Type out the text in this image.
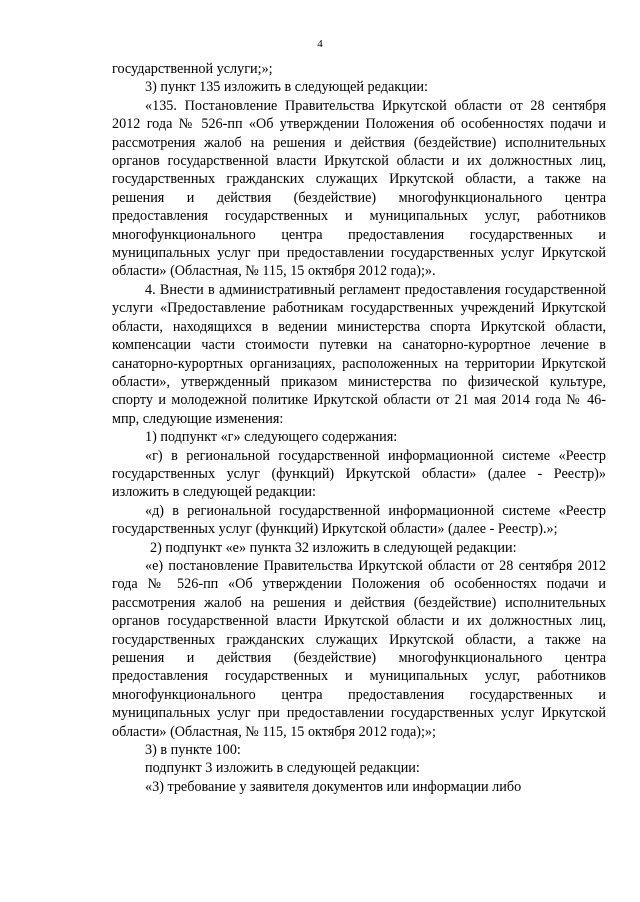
4

государственной услуги;»;

3) пункт 135 изложить в следующей редакции:

«135. Постановление Правительства Иркутской области от 28 сентября 2012 года № 526-пп «Об утверждении Положения об особенностях подачи и рассмотрения жалоб на решения и действия (бездействие) исполнительных органов государственной власти Иркутской области и их должностных лиц, государственных гражданских служащих Иркутской области, а также на решения и действия (бездействие) многофункционального центра предоставления государственных и муниципальных услуг, работников многофункционального центра предоставления государственных и муниципальных услуг при предоставлении государственных услуг Иркутской области» (Областная, № 115, 15 октября 2012 года);».

4. Внести в административный регламент предоставления государственной услуги «Предоставление работникам государственных учреждений Иркутской области, находящихся в ведении министерства спорта Иркутской области, компенсации части стоимости путевки на санаторно-курортное лечение в санаторно-курортных организациях, расположенных на территории Иркутской области», утвержденный приказом министерства по физической культуре, спорту и молодежной политике Иркутской области от 21 мая 2014 года № 46-мпр, следующие изменения:

1) подпункт «г» следующего содержания:

«г) в региональной государственной информационной системе «Реестр государственных услуг (функций) Иркутской области» (далее - Реестр)» изложить в следующей редакции:

«д) в региональной государственной информационной системе «Реестр государственных услуг (функций) Иркутской области» (далее - Реестр).»;

2) подпункт «е» пункта 32 изложить в следующей редакции:

«е) постановление Правительства Иркутской области от 28 сентября 2012 года № 526-пп «Об утверждении Положения об особенностях подачи и рассмотрения жалоб на решения и действия (бездействие) исполнительных органов государственной власти Иркутской области и их должностных лиц, государственных гражданских служащих Иркутской области, а также на решения и действия (бездействие) многофункционального центра предоставления государственных и муниципальных услуг, работников многофункционального центра предоставления государственных и муниципальных услуг при предоставлении государственных услуг Иркутской области» (Областная, № 115, 15 октября 2012 года);»;

3) в пункте 100:

подпункт 3 изложить в следующей редакции:

«3) требование у заявителя документов или информации либо
